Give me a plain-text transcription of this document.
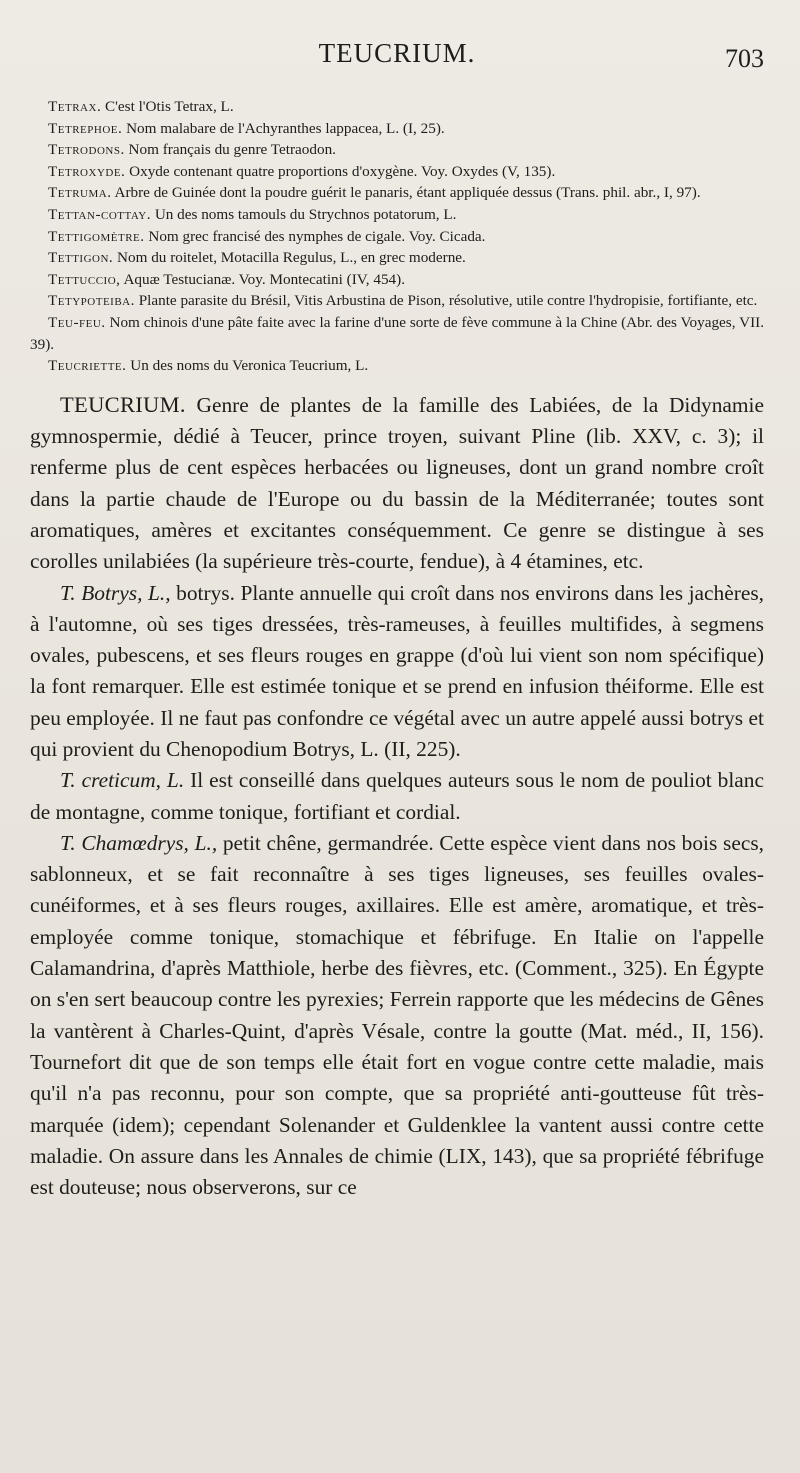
TEUCRIUM.	703

Tetrax. C'est l'Otis Tetrax, L.

Tetrephoe. Nom malabare de l'Achyranthes lappacea, L. (I, 25).

Tetrodons. Nom français du genre Tetraodon.

Tetroxyde. Oxyde contenant quatre proportions d'oxygène. Voy. Oxydes (V, 135).

Tetruma. Arbre de Guinée dont la poudre guérit le panaris, étant appliquée dessus (Trans. phil. abr., I, 97).

Tettan-cottay. Un des noms tamouls du Strychnos potatorum, L.

Tettigomètre. Nom grec francisé des nymphes de cigale. Voy. Cicada.

Tettigon. Nom du roitelet, Motacilla Regulus, L., en grec moderne.

Tettuccio, Aquæ Testucianæ. Voy. Montecatini (IV, 454).

Tetypoteiba. Plante parasite du Brésil, Vitis Arbustina de Pison, résolutive, utile contre l'hydropisie, fortifiante, etc.

Teu-feu. Nom chinois d'une pâte faite avec la farine d'une sorte de fève commune à la Chine (Abr. des Voyages, VII. 39).

Teucriette. Un des noms du Veronica Teucrium, L.

TEUCRIUM. Genre de plantes de la famille des Labiées, de la Didynamie gymnospermie, dédié à Teucer, prince troyen, suivant Pline (lib. XXV, c. 3); il renferme plus de cent espèces herbacées ou ligneuses, dont un grand nombre croît dans la partie chaude de l'Europe ou du bassin de la Méditerranée; toutes sont aromatiques, amères et excitantes conséquemment. Ce genre se distingue à ses corolles unilabiées (la supérieure très-courte, fendue), à 4 étamines, etc.

T. Botrys, L., botrys. Plante annuelle qui croît dans nos environs dans les jachères, à l'automne, où ses tiges dressées, très-rameuses, à feuilles multifides, à segmens ovales, pubescens, et ses fleurs rouges en grappe (d'où lui vient son nom spécifique) la font remarquer. Elle est estimée tonique et se prend en infusion théiforme. Elle est peu employée. Il ne faut pas confondre ce végétal avec un autre appelé aussi botrys et qui provient du Chenopodium Botrys, L. (II, 225).

T. creticum, L. Il est conseillé dans quelques auteurs sous le nom de pouliot blanc de montagne, comme tonique, fortifiant et cordial.

T. Chamœdrys, L., petit chêne, germandrée. Cette espèce vient dans nos bois secs, sablonneux, et se fait reconnaître à ses tiges ligneuses, ses feuilles ovales-cunéiformes, et à ses fleurs rouges, axillaires. Elle est amère, aromatique, et très-employée comme tonique, stomachique et fébrifuge. En Italie on l'appelle Calamandrina, d'après Matthiole, herbe des fièvres, etc. (Comment., 325). En Égypte on s'en sert beaucoup contre les pyrexies; Ferrein rapporte que les médecins de Gênes la vantèrent à Charles-Quint, d'après Vésale, contre la goutte (Mat. méd., II, 156). Tournefort dit que de son temps elle était fort en vogue contre cette maladie, mais qu'il n'a pas reconnu, pour son compte, que sa propriété anti-goutteuse fût très-marquée (idem); cependant Solenander et Guldenklee la vantent aussi contre cette maladie. On assure dans les Annales de chimie (LIX, 143), que sa propriété fébrifuge est douteuse; nous observerons, sur ce
